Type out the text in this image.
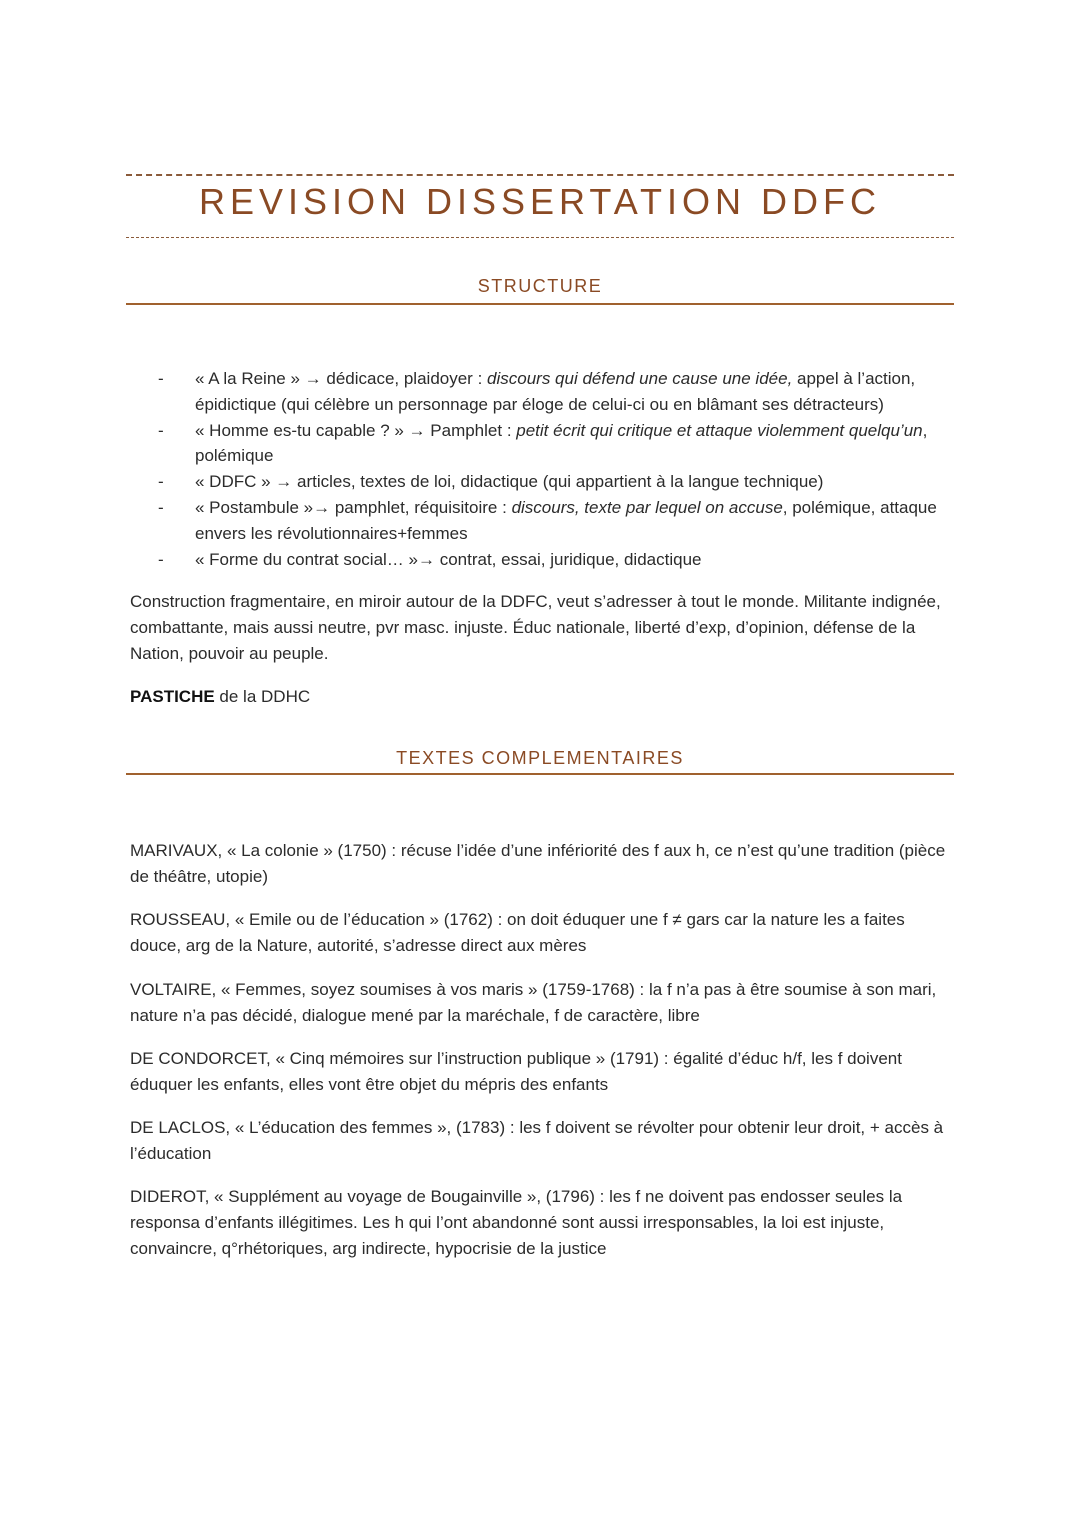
REVISION DISSERTATION DDFC
STRUCTURE
- « A la Reine » → dédicace, plaidoyer : discours qui défend une cause une idée, appel à l’action, épidictique (qui célèbre un personnage par éloge de celui-ci ou en blâmant ses détracteurs)
- « Homme es-tu capable ? » → Pamphlet : petit écrit qui critique et attaque violemment quelqu’un, polémique
- « DDFC » → articles, textes de loi, didactique (qui appartient à la langue technique)
- « Postambule »→ pamphlet, réquisitoire : discours, texte par lequel on accuse, polémique, attaque envers les révolutionnaires+femmes
- « Forme du contrat social… »→ contrat, essai, juridique, didactique

Construction fragmentaire, en miroir autour de la DDFC, veut s’adresser à tout le monde. Militante indignée, combattante, mais aussi neutre, pvr masc. injuste. Éduc nationale, liberté d’exp, d’opinion, défense de la Nation, pouvoir au peuple.

PASTICHE de la DDHC

TEXTES COMPLEMENTAIRES

MARIVAUX, « La colonie » (1750) : récuse l’idée d’une infériorité des f aux h, ce n’est qu’une tradition (pièce de théâtre, utopie)

ROUSSEAU, « Emile ou de l’éducation » (1762) : on doit éduquer une f ≠ gars car la nature les a faites douce, arg de la Nature, autorité, s’adresse direct aux mères

VOLTAIRE, « Femmes, soyez soumises à vos maris » (1759-1768) : la f n’a pas à être soumise à son mari, nature n’a pas décidé, dialogue mené par la maréchale, f de caractère, libre

DE CONDORCET, « Cinq mémoires sur l’instruction publique » (1791) : égalité d’éduc h/f, les f doivent éduquer les enfants, elles vont être objet du mépris des enfants

DE LACLOS, « L’éducation des femmes », (1783) : les f doivent se révolter pour obtenir leur droit, + accès à l’éducation

DIDEROT, « Supplément au voyage de Bougainville », (1796) : les f ne doivent pas endosser seules la responsa d’enfants illégitimes. Les h qui l’ont abandonné sont aussi irresponsables, la loi est injuste, convaincre, q°rhétoriques, arg indirecte, hypocrisie de la justice
